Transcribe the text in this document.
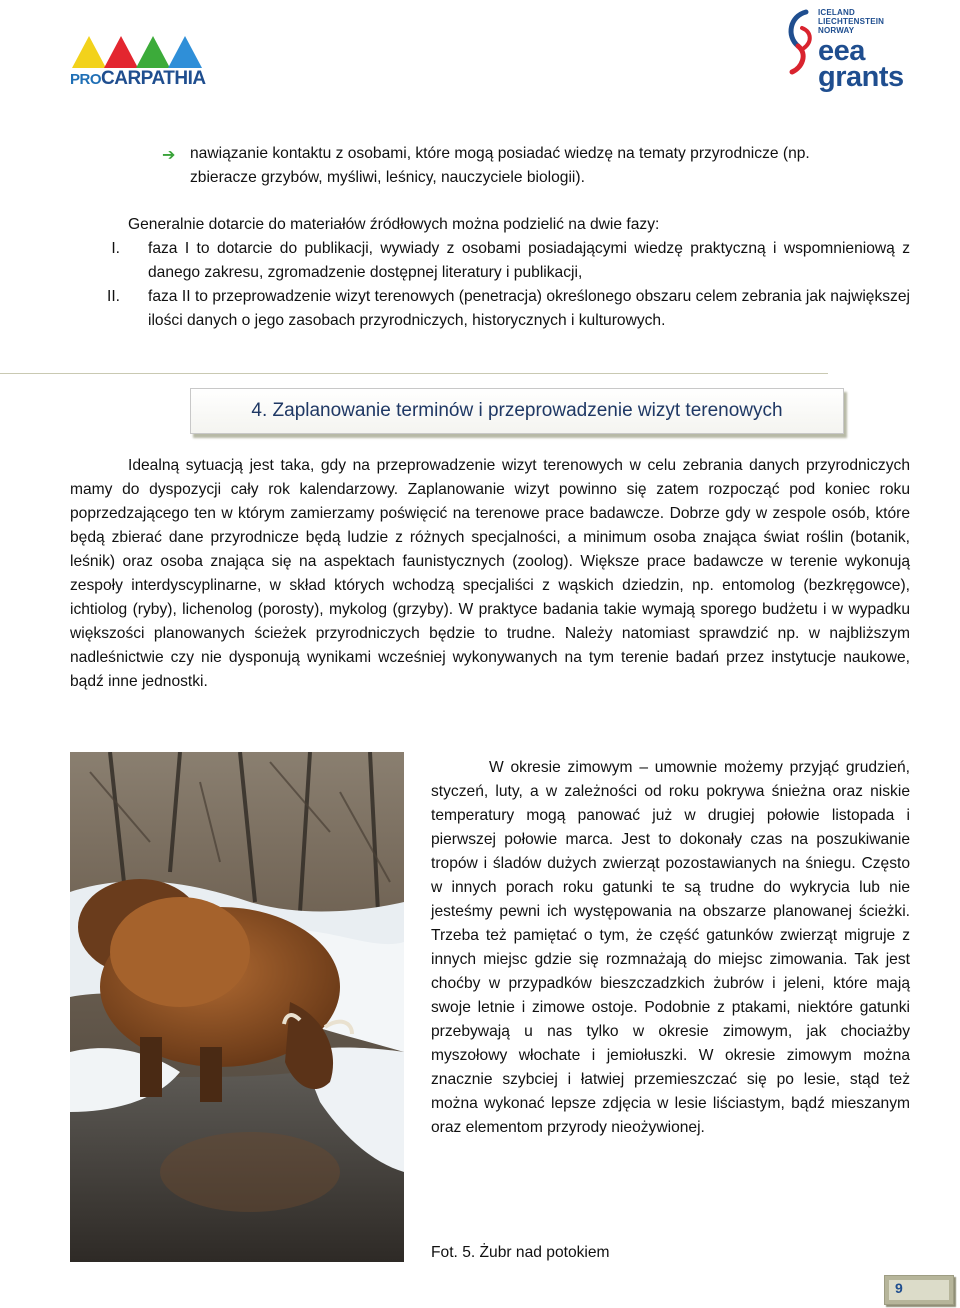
PROCARPATHIA
ICELAND
LIECHTENSTEIN
NORWAY
eea
grants
➔ nawiązanie kontaktu z osobami, które mogą posiadać wiedzę na tematy przyrodnicze (np.
zbieracze grzybów, myśliwi, leśnicy, nauczyciele biologii).
Generalnie dotarcie do materiałów źródłowych można podzielić na dwie fazy:
I. faza I to dotarcie do publikacji, wywiady z osobami posiadającymi wiedzę praktyczną i wspomnieniową z danego zakresu, zgromadzenie dostępnej literatury i publikacji,
II. faza II to przeprowadzenie wizyt terenowych (penetracja) określonego obszaru celem zebrania jak największej ilości danych o jego zasobach przyrodniczych, historycznych i kulturowych.
4. Zaplanowanie terminów i przeprowadzenie wizyt terenowych
Idealną sytuacją jest taka, gdy na przeprowadzenie wizyt terenowych w celu zebrania danych przyrodniczych mamy do dyspozycji cały rok kalendarzowy. Zaplanowanie wizyt powinno się zatem rozpocząć pod koniec roku poprzedzającego ten w którym zamierzamy poświęcić na terenowe prace badawcze. Dobrze gdy w zespole osób, które będą zbierać dane przyrodnicze będą ludzie z różnych specjalności, a minimum osoba znająca świat roślin (botanik, leśnik) oraz osoba znająca się na aspektach faunistycznych (zoolog). Większe prace badawcze w terenie wykonują zespoły interdyscyplinarne, w skład których wchodzą specjaliści z wąskich dziedzin, np. entomolog (bezkręgowce), ichtiolog (ryby), lichenolog (porosty), mykolog (grzyby). W praktyce badania takie wymają sporego budżetu i w wypadku większości planowanych ścieżek przyrodniczych będzie to trudne. Należy natomiast sprawdzić np. w najbliższym nadleśnictwie czy nie dysponują wynikami wcześniej wykonywanych na tym terenie badań przez instytucje naukowe, bądź inne jednostki.
W okresie zimowym – umownie możemy przyjąć grudzień, styczeń, luty, a w zależności od roku pokrywa śnieżna oraz niskie temperatury mogą panować już w drugiej połowie listopada i pierwszej połowie marca. Jest to dokonały czas na poszukiwanie tropów i śladów dużych zwierząt pozostawianych na śniegu. Często w innych porach roku gatunki te są trudne do wykrycia lub nie jesteśmy pewni ich występowania na obszarze planowanej ścieżki. Trzeba też pamiętać o tym, że część gatunków zwierząt migruje z innych miejsc gdzie się rozmnażają do miejsc zimowania. Tak jest choćby w przypadków bieszczadzkich żubrów i jeleni, które mają swoje letnie i zimowe ostoje. Podobnie z ptakami, niektóre gatunki przebywają u nas tylko w okresie zimowym, jak chociażby myszołowy włochate i jemiołuszki. W okresie zimowym można znacznie szybciej i łatwiej przemieszczać się po lesie, stąd też można wykonać lepsze zdjęcia w lesie liściastym, bądź mieszanym oraz elementom przyrody nieożywionej.
Fot. 5. Żubr nad potokiem
9
